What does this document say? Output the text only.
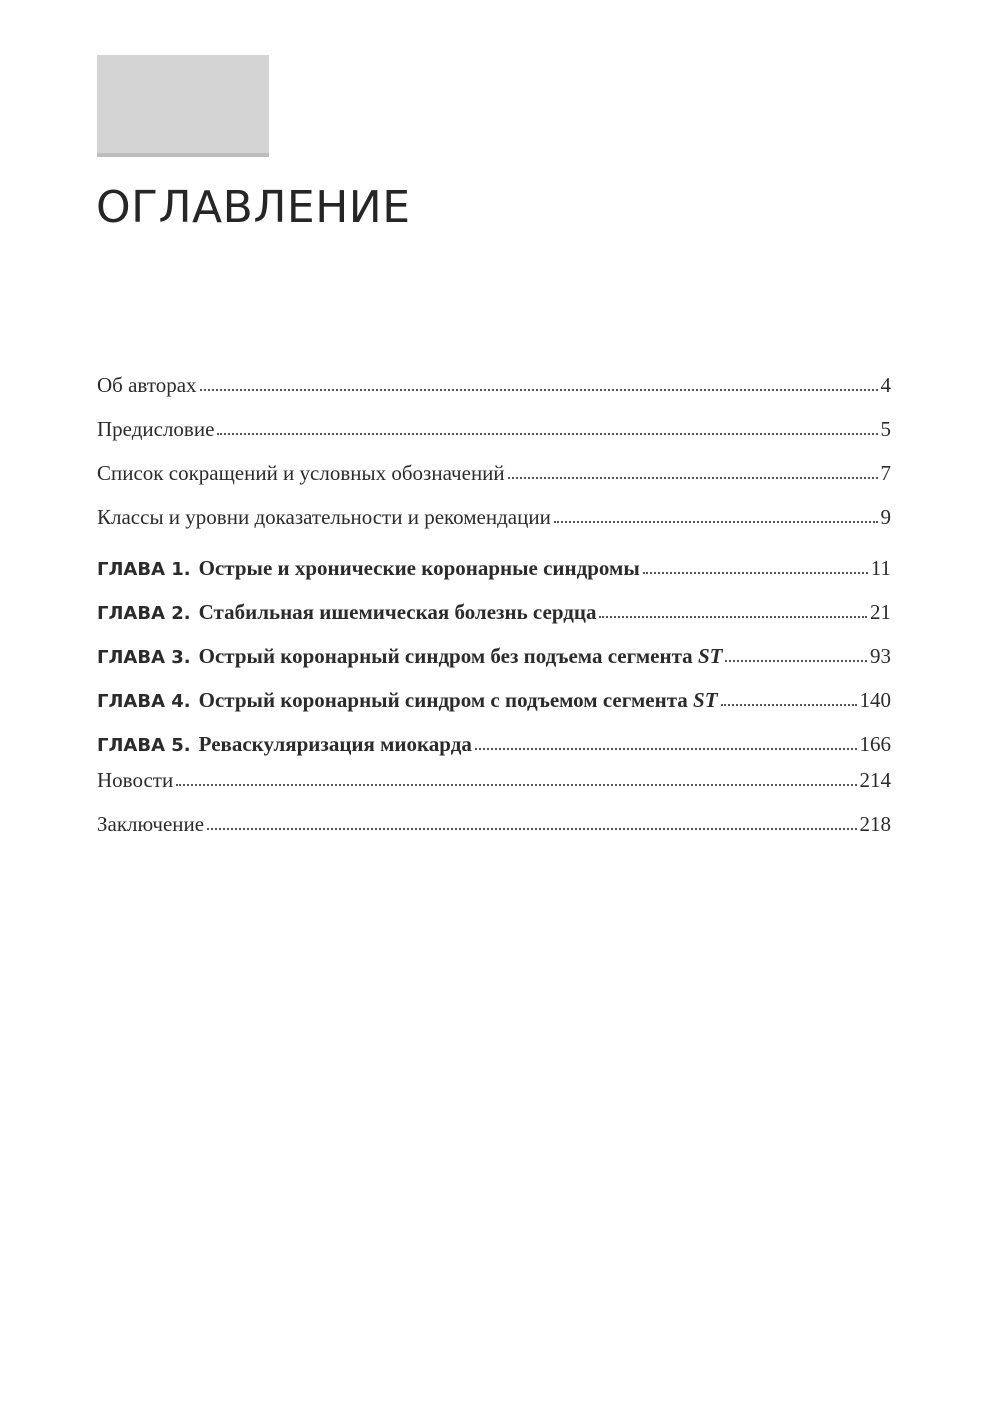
ОГЛАВЛЕНИЕ
Об авторах	4
Предисловие	5
Список сокращений и условных обозначений	7
Классы и уровни доказательности и рекомендации	9
ГЛАВА 1. Острые и хронические коронарные синдромы	11
ГЛАВА 2. Стабильная ишемическая болезнь сердца	21
ГЛАВА 3. Острый коронарный синдром без подъема сегмента ST	93
ГЛАВА 4. Острый коронарный синдром с подъемом сегмента ST	140
ГЛАВА 5. Реваскуляризация миокарда	166
Новости	214
Заключение	218
